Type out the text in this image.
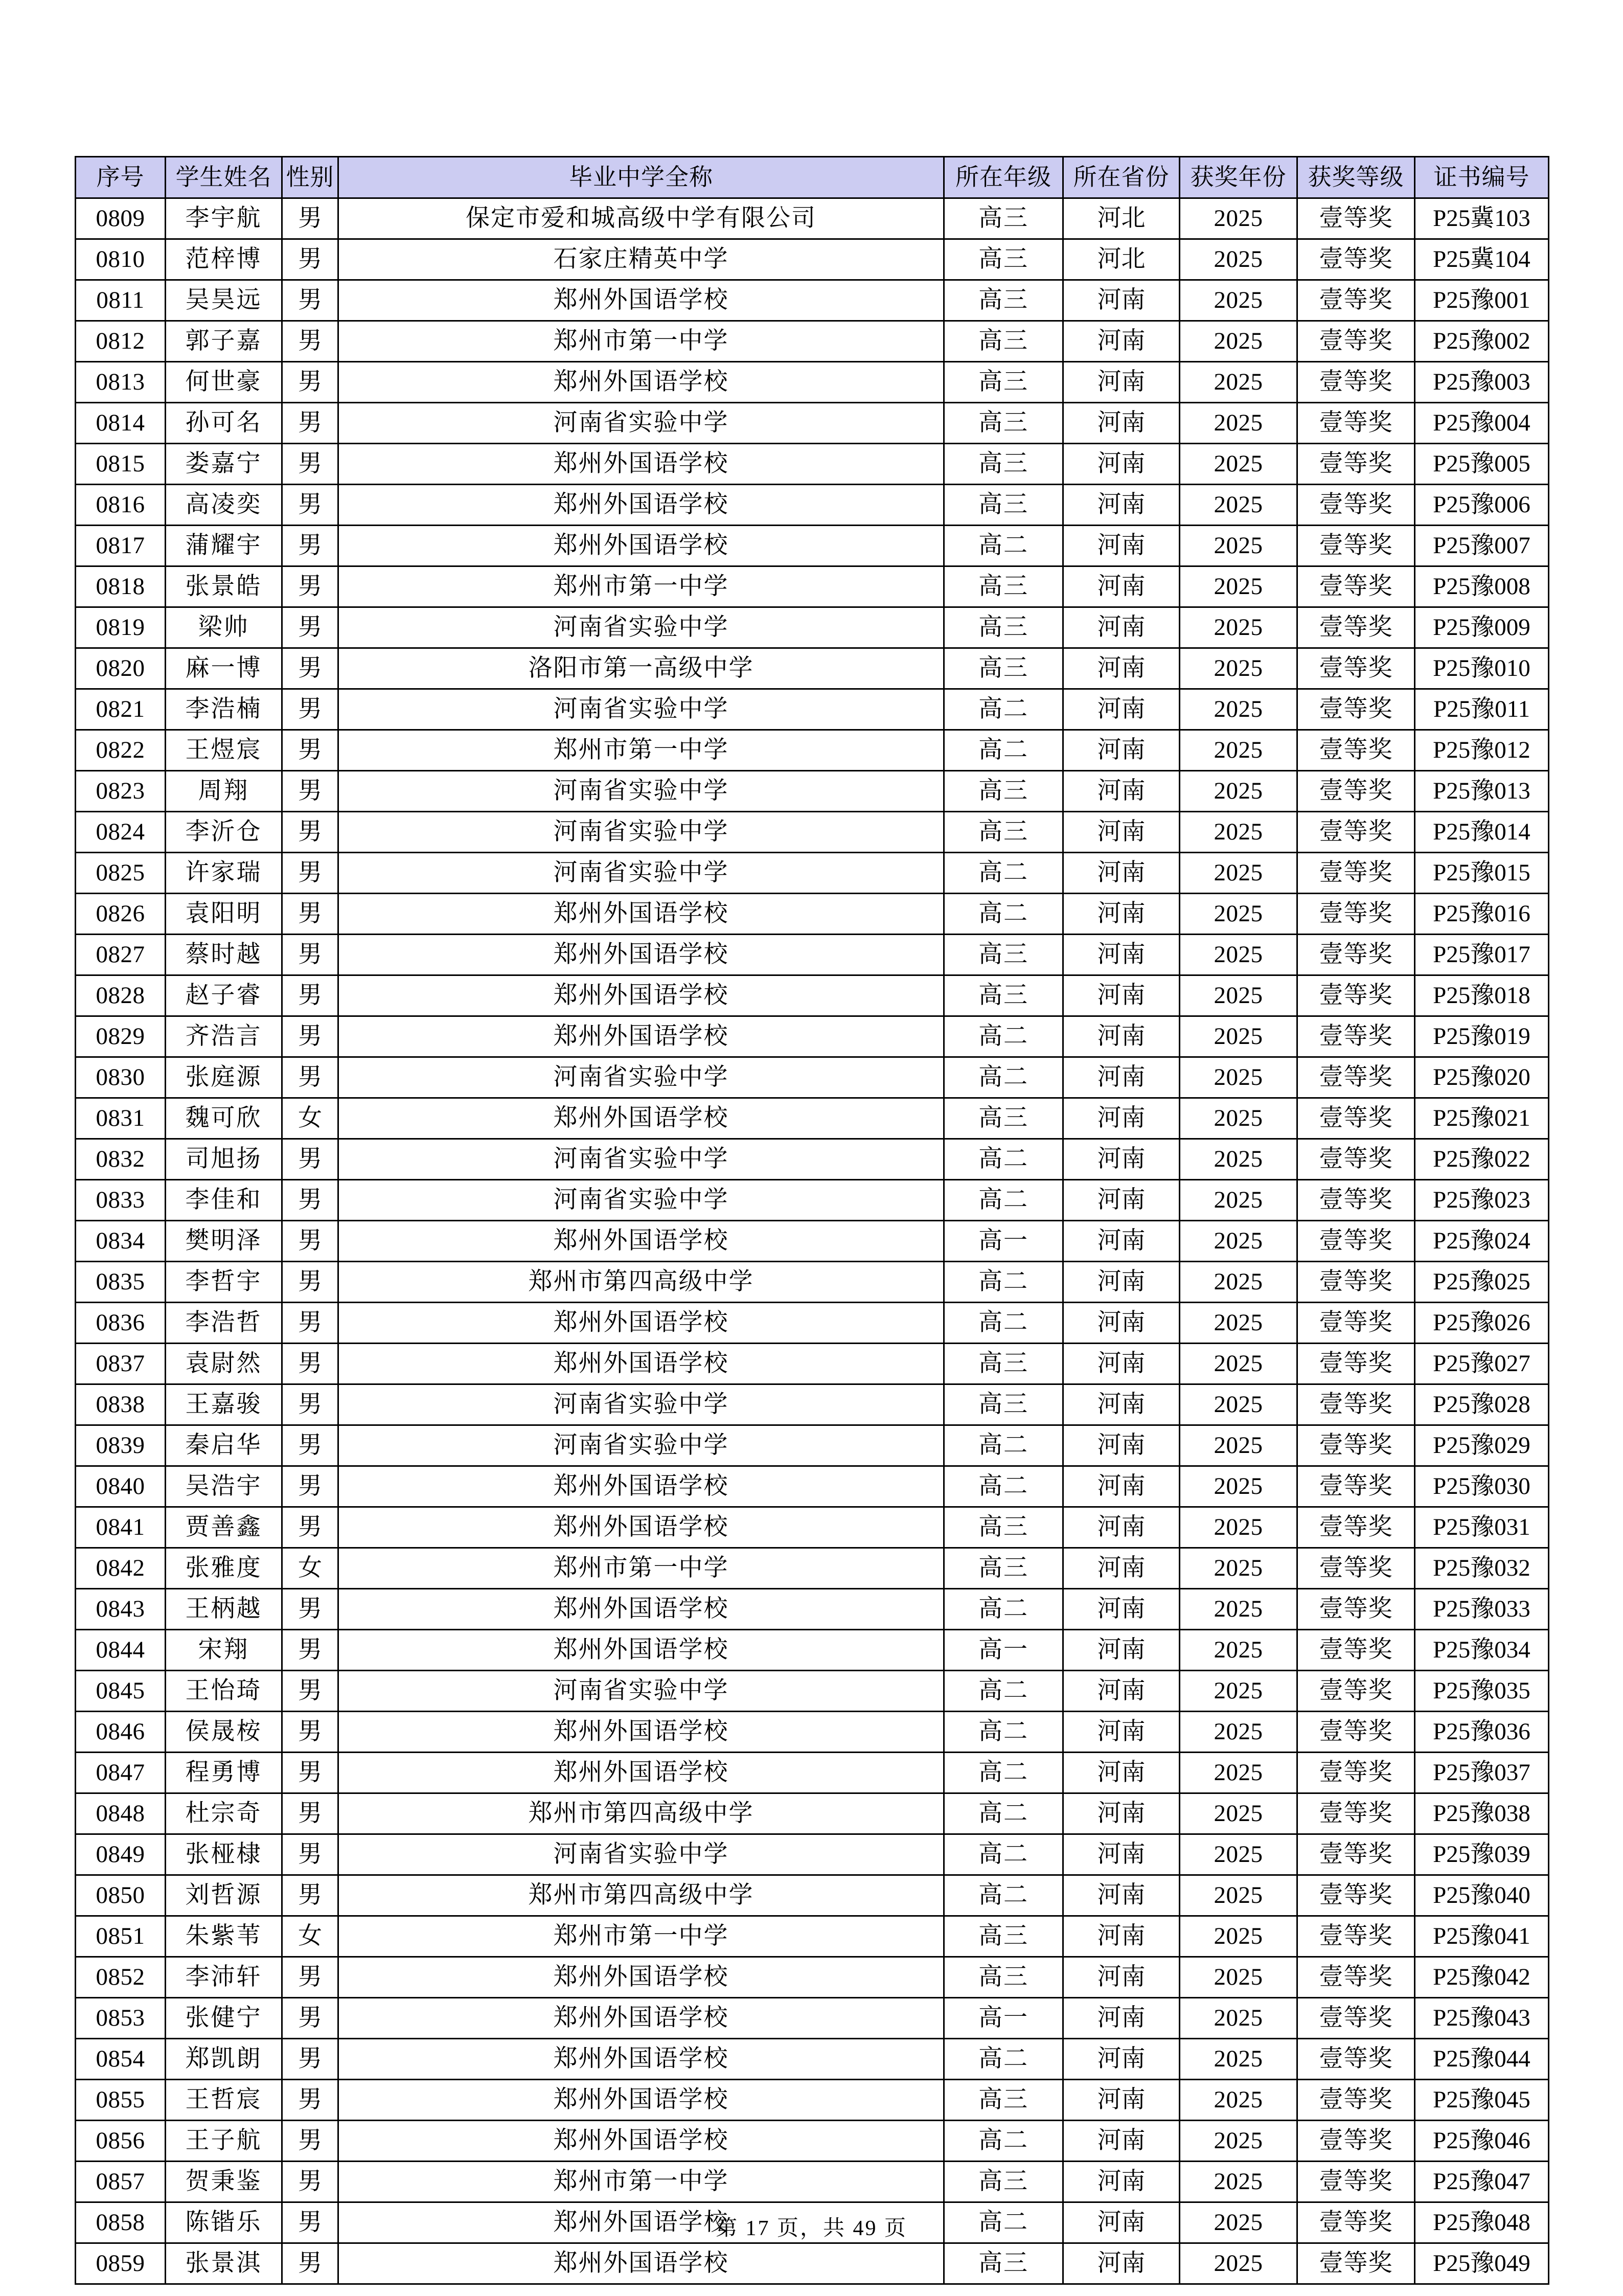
序号	学生姓名	性别	毕业中学全称	所在年级	所在省份	获奖年份	获奖等级	证书编号
0809	李宇航	男	保定市爱和城高级中学有限公司	高三	河北	2025	壹等奖	P25冀103
0810	范梓博	男	石家庄精英中学	高三	河北	2025	壹等奖	P25冀104
0811	吴昊远	男	郑州外国语学校	高三	河南	2025	壹等奖	P25豫001
0812	郭子嘉	男	郑州市第一中学	高三	河南	2025	壹等奖	P25豫002
0813	何世豪	男	郑州外国语学校	高三	河南	2025	壹等奖	P25豫003
0814	孙可名	男	河南省实验中学	高三	河南	2025	壹等奖	P25豫004
0815	娄嘉宁	男	郑州外国语学校	高三	河南	2025	壹等奖	P25豫005
0816	高凌奕	男	郑州外国语学校	高三	河南	2025	壹等奖	P25豫006
0817	蒲耀宇	男	郑州外国语学校	高二	河南	2025	壹等奖	P25豫007
0818	张景皓	男	郑州市第一中学	高三	河南	2025	壹等奖	P25豫008
0819	梁帅	男	河南省实验中学	高三	河南	2025	壹等奖	P25豫009
0820	麻一博	男	洛阳市第一高级中学	高三	河南	2025	壹等奖	P25豫010
0821	李浩楠	男	河南省实验中学	高二	河南	2025	壹等奖	P25豫011
0822	王煜宸	男	郑州市第一中学	高二	河南	2025	壹等奖	P25豫012
0823	周翔	男	河南省实验中学	高三	河南	2025	壹等奖	P25豫013
0824	李沂仓	男	河南省实验中学	高三	河南	2025	壹等奖	P25豫014
0825	许家瑞	男	河南省实验中学	高二	河南	2025	壹等奖	P25豫015
0826	袁阳明	男	郑州外国语学校	高二	河南	2025	壹等奖	P25豫016
0827	蔡时越	男	郑州外国语学校	高三	河南	2025	壹等奖	P25豫017
0828	赵子睿	男	郑州外国语学校	高三	河南	2025	壹等奖	P25豫018
0829	齐浩言	男	郑州外国语学校	高二	河南	2025	壹等奖	P25豫019
0830	张庭源	男	河南省实验中学	高二	河南	2025	壹等奖	P25豫020
0831	魏可欣	女	郑州外国语学校	高三	河南	2025	壹等奖	P25豫021
0832	司旭扬	男	河南省实验中学	高二	河南	2025	壹等奖	P25豫022
0833	李佳和	男	河南省实验中学	高二	河南	2025	壹等奖	P25豫023
0834	樊明泽	男	郑州外国语学校	高一	河南	2025	壹等奖	P25豫024
0835	李哲宇	男	郑州市第四高级中学	高二	河南	2025	壹等奖	P25豫025
0836	李浩哲	男	郑州外国语学校	高二	河南	2025	壹等奖	P25豫026
0837	袁尉然	男	郑州外国语学校	高三	河南	2025	壹等奖	P25豫027
0838	王嘉骏	男	河南省实验中学	高三	河南	2025	壹等奖	P25豫028
0839	秦启华	男	河南省实验中学	高二	河南	2025	壹等奖	P25豫029
0840	吴浩宇	男	郑州外国语学校	高二	河南	2025	壹等奖	P25豫030
0841	贾善鑫	男	郑州外国语学校	高三	河南	2025	壹等奖	P25豫031
0842	张雅度	女	郑州市第一中学	高三	河南	2025	壹等奖	P25豫032
0843	王柄越	男	郑州外国语学校	高二	河南	2025	壹等奖	P25豫033
0844	宋翔	男	郑州外国语学校	高一	河南	2025	壹等奖	P25豫034
0845	王怡琦	男	河南省实验中学	高二	河南	2025	壹等奖	P25豫035
0846	侯晟桉	男	郑州外国语学校	高二	河南	2025	壹等奖	P25豫036
0847	程勇博	男	郑州外国语学校	高二	河南	2025	壹等奖	P25豫037
0848	杜宗奇	男	郑州市第四高级中学	高二	河南	2025	壹等奖	P25豫038
0849	张桠棣	男	河南省实验中学	高二	河南	2025	壹等奖	P25豫039
0850	刘哲源	男	郑州市第四高级中学	高二	河南	2025	壹等奖	P25豫040
0851	朱紫苇	女	郑州市第一中学	高三	河南	2025	壹等奖	P25豫041
0852	李沛轩	男	郑州外国语学校	高三	河南	2025	壹等奖	P25豫042
0853	张健宁	男	郑州外国语学校	高一	河南	2025	壹等奖	P25豫043
0854	郑凯朗	男	郑州外国语学校	高二	河南	2025	壹等奖	P25豫044
0855	王哲宸	男	郑州外国语学校	高三	河南	2025	壹等奖	P25豫045
0856	王子航	男	郑州外国语学校	高二	河南	2025	壹等奖	P25豫046
0857	贺秉鉴	男	郑州市第一中学	高三	河南	2025	壹等奖	P25豫047
0858	陈锴乐	男	郑州外国语学校	高二	河南	2025	壹等奖	P25豫048
0859	张景淇	男	郑州外国语学校	高三	河南	2025	壹等奖	P25豫049
第 17 页，共 49 页
